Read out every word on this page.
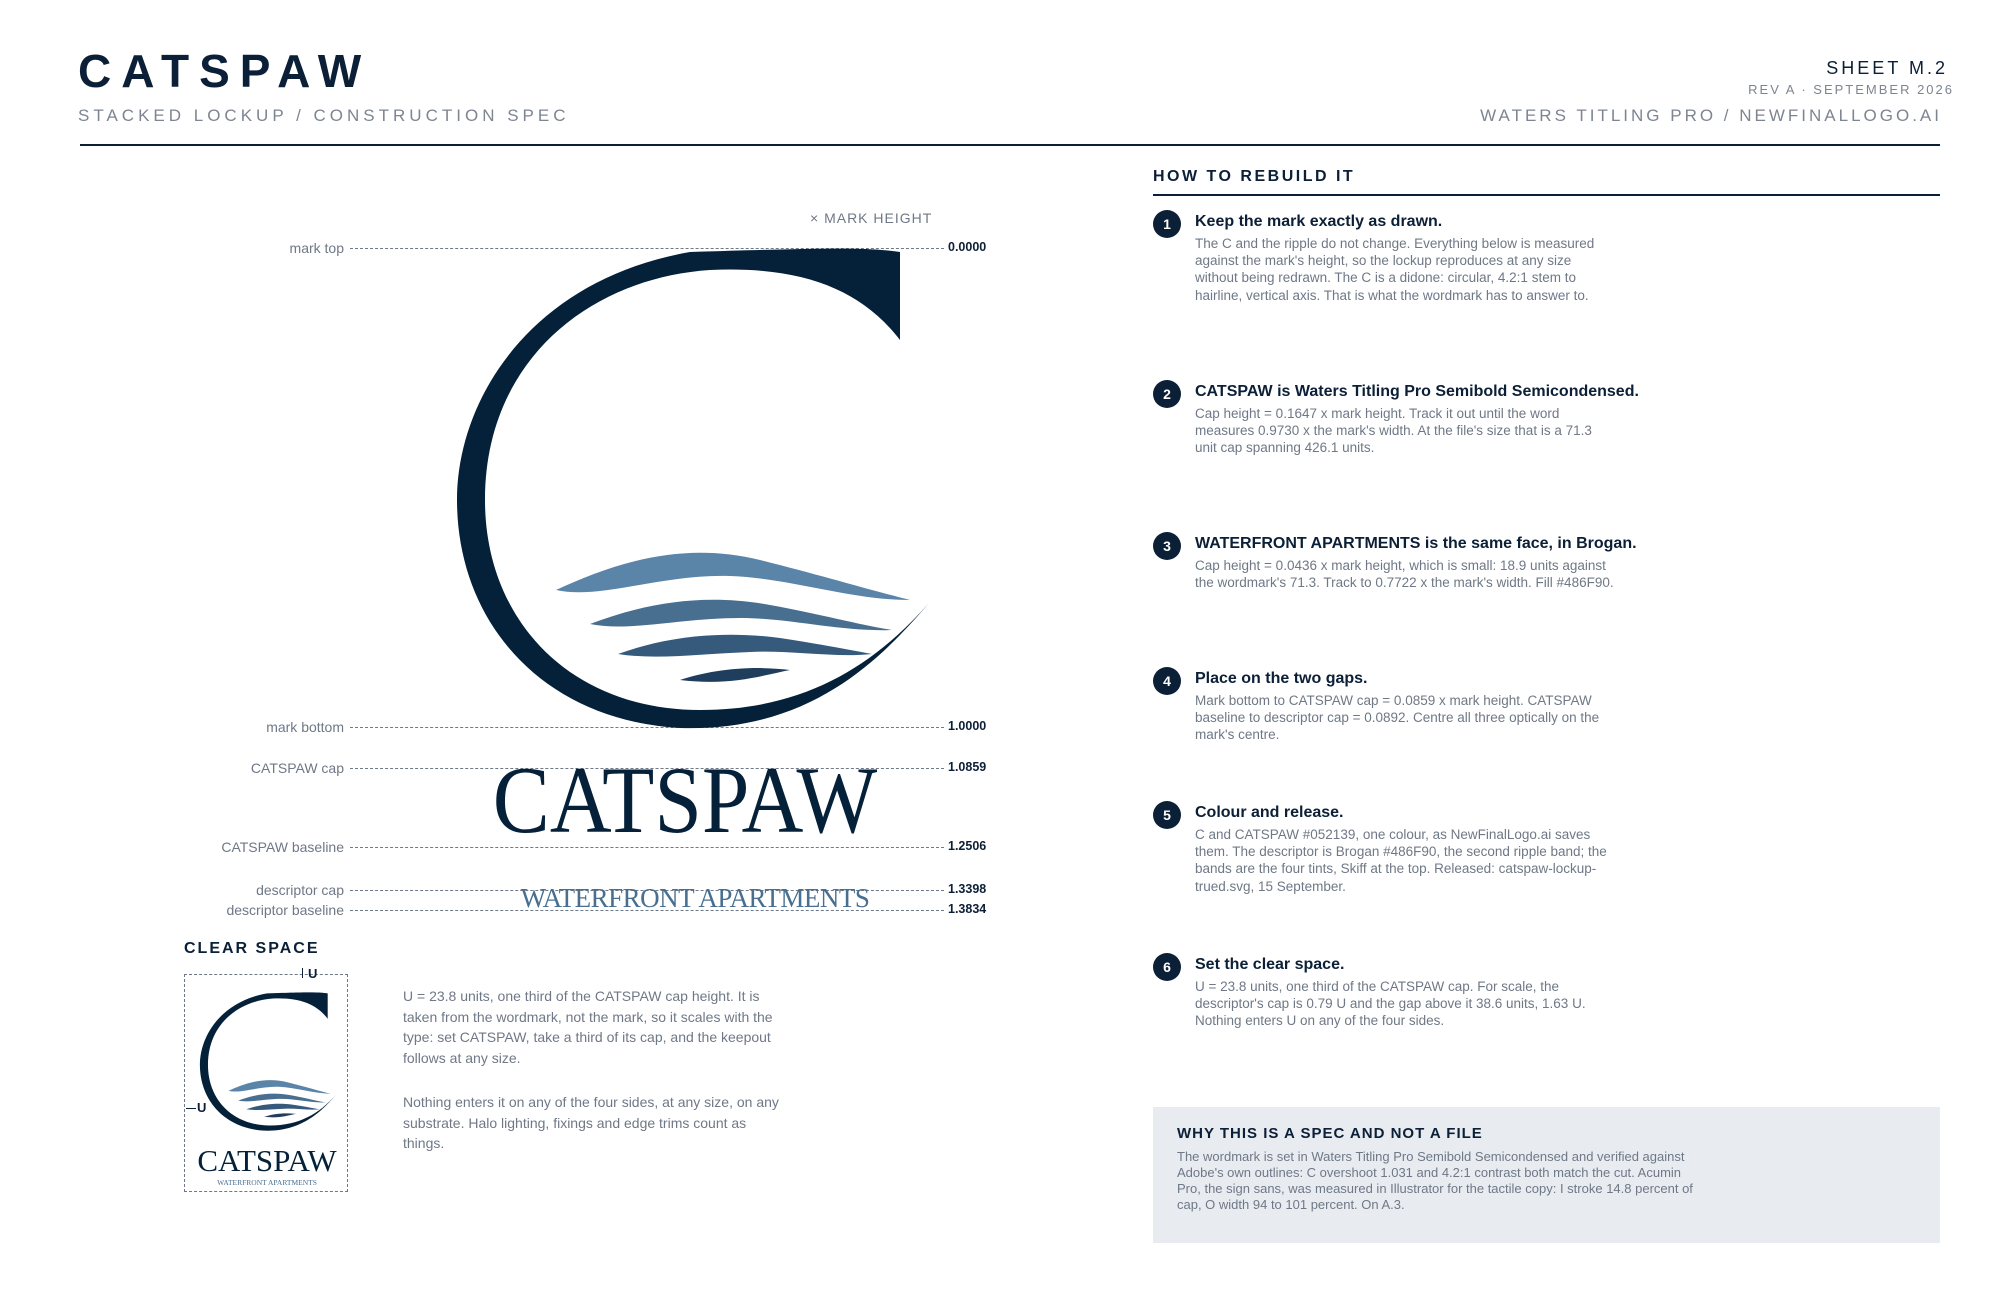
CATSPAW
STACKED LOCKUP / CONSTRUCTION SPEC
SHEET M.2
REV A · SEPTEMBER 2026
WATERS TITLING PRO / NEWFINALLOGO.AI
× MARK HEIGHT
mark top	0.0000
mark bottom	1.0000
CATSPAW cap	1.0859
CATSPAW baseline	1.2506
descriptor cap	1.3398
descriptor baseline	1.3834
CATSPAW
WATERFRONT APARTMENTS
CLEAR SPACE
CATSPAW
WATERFRONT APARTMENTS
U
U
U = 23.8 units, one third of the CATSPAW cap height. It is taken from the wordmark, not the mark, so it scales with the type: set CATSPAW, take a third of its cap, and the keepout follows at any size.
Nothing enters it on any of the four sides, at any size, on any substrate. Halo lighting, fixings and edge trims count as things.
HOW TO REBUILD IT
1	Keep the mark exactly as drawn.
The C and the ripple do not change. Everything below is measured against the mark's height, so the lockup reproduces at any size without being redrawn. The C is a didone: circular, 4.2:1 stem to hairline, vertical axis. That is what the wordmark has to answer to.
2	CATSPAW is Waters Titling Pro Semibold Semicondensed.
Cap height = 0.1647 x mark height. Track it out until the word measures 0.9730 x the mark's width. At the file's size that is a 71.3 unit cap spanning 426.1 units.
3	WATERFRONT APARTMENTS is the same face, in Brogan.
Cap height = 0.0436 x mark height, which is small: 18.9 units against the wordmark's 71.3. Track to 0.7722 x the mark's width. Fill #486F90.
4	Place on the two gaps.
Mark bottom to CATSPAW cap = 0.0859 x mark height. CATSPAW baseline to descriptor cap = 0.0892. Centre all three optically on the mark's centre.
5	Colour and release.
C and CATSPAW #052139, one colour, as NewFinalLogo.ai saves them. The descriptor is Brogan #486F90, the second ripple band; the bands are the four tints, Skiff at the top. Released: catspaw-lockup-trued.svg, 15 September.
6	Set the clear space.
U = 23.8 units, one third of the CATSPAW cap. For scale, the descriptor's cap is 0.79 U and the gap above it 38.6 units, 1.63 U. Nothing enters U on any of the four sides.
WHY THIS IS A SPEC AND NOT A FILE
The wordmark is set in Waters Titling Pro Semibold Semicondensed and verified against Adobe's own outlines: C overshoot 1.031 and 4.2:1 contrast both match the cut. Acumin Pro, the sign sans, was measured in Illustrator for the tactile copy: I stroke 14.8 percent of cap, O width 94 to 101 percent. On A.3.
